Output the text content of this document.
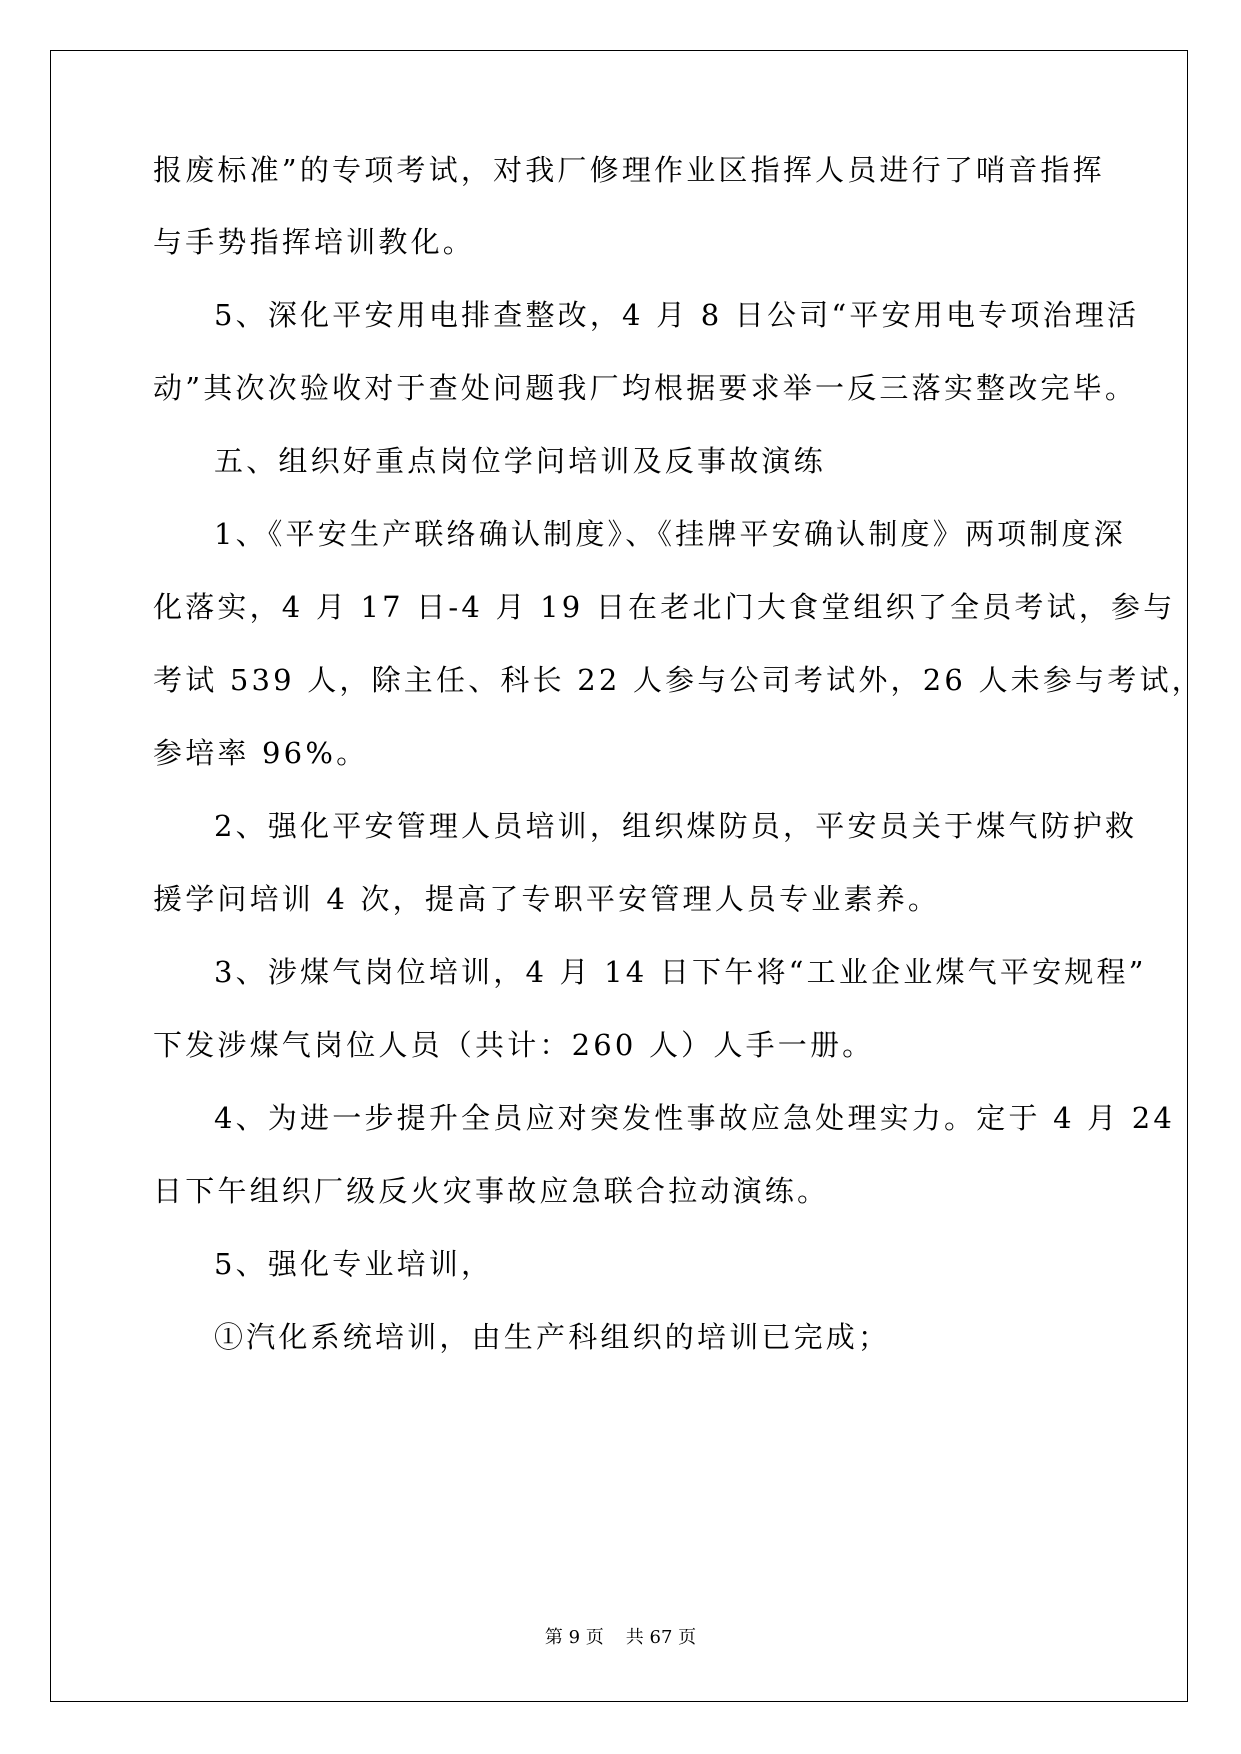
报废标准”的专项考试，对我厂修理作业区指挥人员进行了哨音指挥
与手势指挥培训教化。
5、深化平安用电排查整改，4 月 8 日公司“平安用电专项治理活
动”其次次验收对于查处问题我厂均根据要求举一反三落实整改完毕。
五、组织好重点岗位学问培训及反事故演练
1、《平安生产联络确认制度》、《挂牌平安确认制度》两项制度深
化落实，4 月 17 日-4 月 19 日在老北门大食堂组织了全员考试，参与
考试 539 人，除主任、科长 22 人参与公司考试外，26 人未参与考试，
参培率 96%。
2、强化平安管理人员培训，组织煤防员，平安员关于煤气防护救
援学问培训 4 次，提高了专职平安管理人员专业素养。
3、涉煤气岗位培训，4 月 14 日下午将“工业企业煤气平安规程”
下发涉煤气岗位人员（共计：260 人）人手一册。
4、为进一步提升全员应对突发性事故应急处理实力。定于 4 月 24
日下午组织厂级反火灾事故应急联合拉动演练。
5、强化专业培训，
①汽化系统培训，由生产科组织的培训已完成；
第 9 页 共 67 页
